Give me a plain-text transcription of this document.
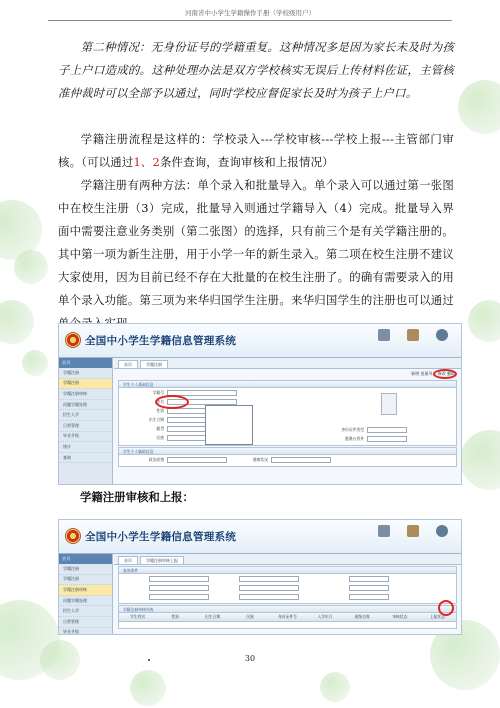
河南省中小学生学籍操作手册（学校级用户）
第二种情况：无身份证号的学籍重复。这种情况多是因为家长未及时为孩子上户口造成的。这种处理办法是双方学校核实无误后上传材料佐证，主管核准仲裁时可以全部予以通过，同时学校应督促家长及时为孩子上户口。
学籍注册流程是这样的：学校录入---学校审核---学校上报---主管部门审核。（可以通过1、2条件查询，查询审核和上报情况）
学籍注册有两种方法：单个录入和批量导入。单个录入可以通过第一张图中在校生注册（3）完成，批量导入则通过学籍导入（4）完成。批量导入界面中需要注意业务类别（第二张图）的选择，只有前三个是有关学籍注册的。其中第一项为新生注册，用于小学一年的新生录入。第二项在校生注册不建议大家使用，因为目前已经不存在大批量的在校生注册了。的确有需要录入的用单个录入功能。第三项为来华归国学生注册。来华归国学生的注册也可以通过
全国中小学生学籍信息管理系统
首页
学籍注册
学籍注册
学籍注册审核
问题学籍处理
招生入学
日常管理
毕业升级
统计
查询
首页	学籍注册
新增 批量导入 修改 删除
学生个人基础信息
学籍号
姓名
性别
出生日期
籍贯
民族
身份证件类型
港澳台侨外
学生个人辅助信息
政治面貌	健康状况
学籍注册审核和上报：
全国中小学生学籍信息管理系统
首页
学籍注册
学籍注册
学籍注册审核
问题学籍处理
招生入学
日常管理
毕业升级
首页	学籍注册审核上报
查询条件
学籍注册审核列表
学生姓名	性别	出生日期	民族	身份证件号	入学年月	班级名称	审核状态	上报状态
30
